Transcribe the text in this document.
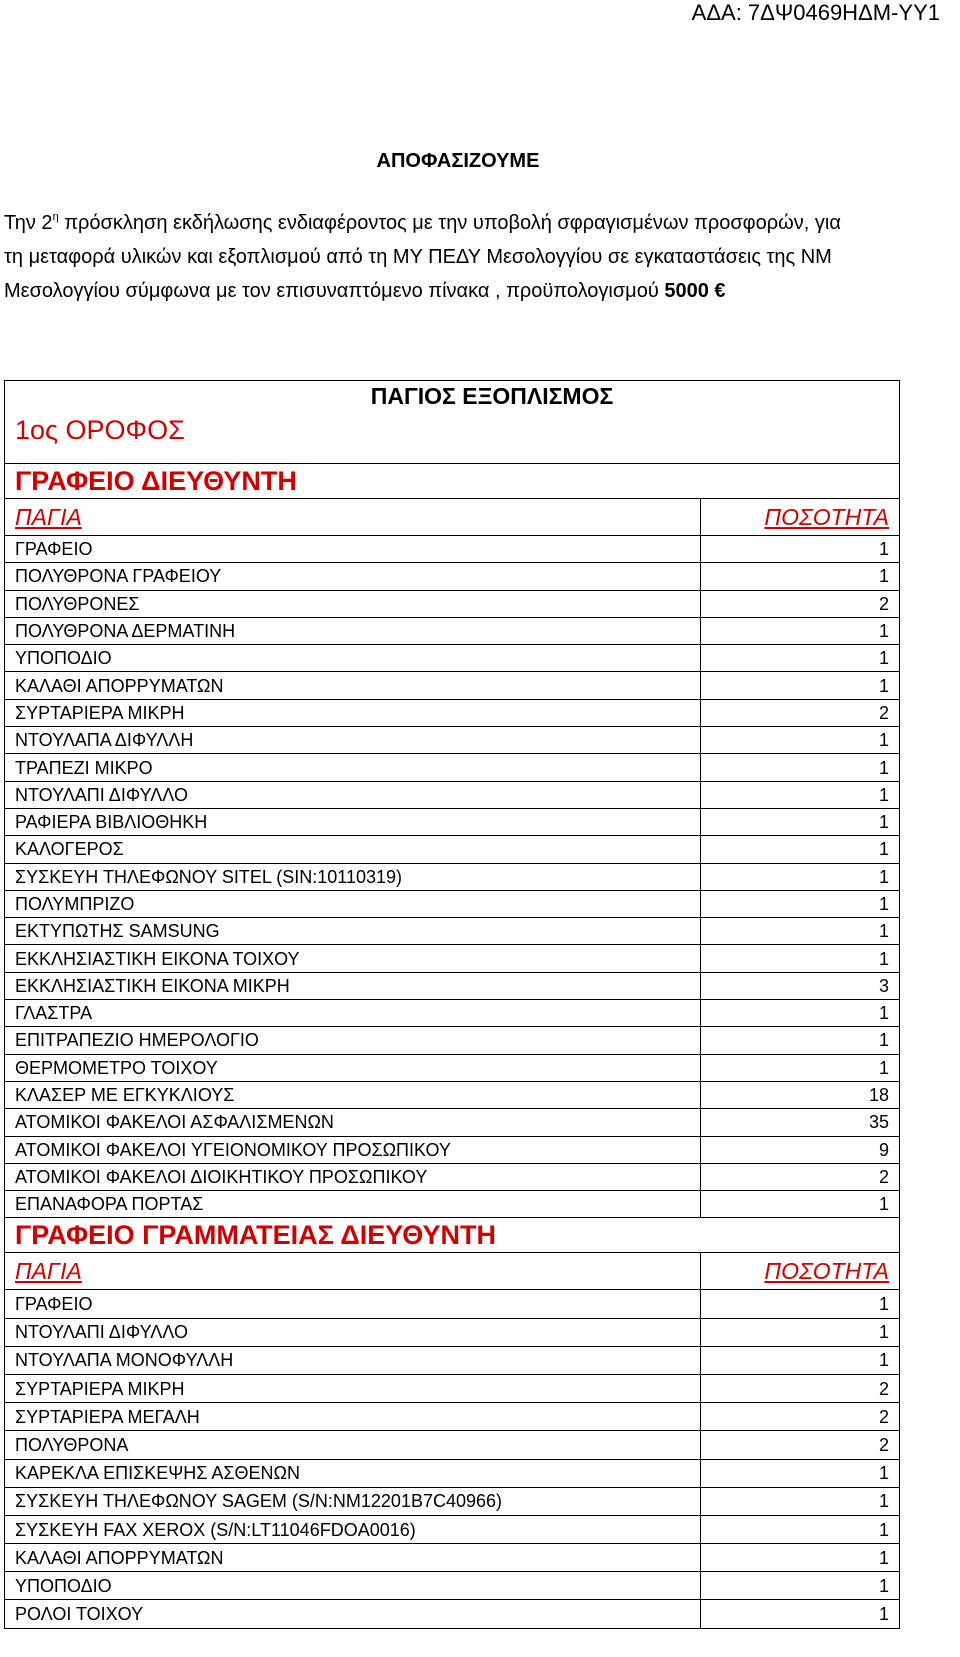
ΑΔΑ: 7ΔΨ0469ΗΔΜ-ΥΥ1
ΑΠΟΦΑΣΙΖΟΥΜΕ

Την $2^\eta$ πρόσκληση εκδήλωσης ενδιαφέροντος με την υποβολή σφραγισμένων προσφορών, για

τη μεταφορά υλικών και εξοπλισμού από τη ΜΥ ΠΕΔΥ Μεσολογγίου σε εγκαταστάσεις της ΝΜ

Μεσολογγίου σύμφωνα με τον επισυναπτόμενο πίνακα , προϋπολογισμού 5000 €

ΠΑΓΙΟΣ ΕΞΟΠΛΙΣΜΟΣ
1ος ΟΡΟΦΟΣ	

ΓΡΑΦΕΙΟ ΔΙΕΥΘΥΝΤΗ	
ΠΑΓΙΑ	ΠΟΣΟΤΗΤΑ
ΓΡΑΦΕΙΟ	1
ΠΟΛΥΘΡΟΝΑ ΓΡΑΦΕΙΟΥ	1
ΠΟΛΥΘΡΟΝΕΣ	2
ΠΟΛΥΘΡΟΝΑ ΔΕΡΜΑΤΙΝΗ	1
ΥΠΟΠΟΔΙΟ	1
ΚΑΛΑΘΙ ΑΠΟΡΡΥΜΑΤΩΝ	1
ΣΥΡΤΑΡΙΕΡΑ ΜΙΚΡΗ	2
ΝΤΟΥΛΑΠΑ ΔΙΦΥΛΛΗ	1
ΤΡΑΠΕΖΙ ΜΙΚΡΟ	1
ΝΤΟΥΛΑΠΙ ΔΙΦΥΛΛΟ	1
ΡΑΦΙΕΡΑ ΒΙΒΛΙΟΘΗΚΗ	1
ΚΑΛΟΓΕΡΟΣ	1
ΣΥΣΚΕΥΗ ΤΗΛΕΦΩΝΟΥ SITEL (SIN:10110319)	1
ΠΟΛΥΜΠΡΙΖΟ	1
ΕΚΤΥΠΩΤΗΣ SAMSUNG	1
ΕΚΚΛΗΣΙΑΣΤΙΚΗ ΕΙΚΟΝΑ ΤΟΙΧΟΥ	1
ΕΚΚΛΗΣΙΑΣΤΙΚΗ ΕΙΚΟΝΑ ΜΙΚΡΗ	3
ΓΛΑΣΤΡΑ	1
ΕΠΙΤΡΑΠΕΖΙΟ ΗΜΕΡΟΛΟΓΙΟ	1
ΘΕΡΜΟΜΕΤΡΟ ΤΟΙΧΟΥ	1
ΚΛΑΣΕΡ ΜΕ ΕΓΚΥΚΛΙΟΥΣ	18
ΑΤΟΜΙΚΟΙ ΦΑΚΕΛΟΙ ΑΣΦΑΛΙΣΜΕΝΩΝ	35
ΑΤΟΜΙΚΟΙ ΦΑΚΕΛΟΙ ΥΓΕΙΟΝΟΜΙΚΟΥ ΠΡΟΣΩΠΙΚΟΥ	9
ΑΤΟΜΙΚΟΙ ΦΑΚΕΛΟΙ ΔΙΟΙΚΗΤΙΚΟΥ ΠΡΟΣΩΠΙΚΟΥ	2
ΕΠΑΝΑΦΟΡΑ ΠΟΡΤΑΣ	1
ΓΡΑΦΕΙΟ ΓΡΑΜΜΑΤΕΙΑΣ ΔΙΕΥΘΥΝΤΗ	
ΠΑΓΙΑ	ΠΟΣΟΤΗΤΑ
ΓΡΑΦΕΙΟ	1
ΝΤΟΥΛΑΠΙ ΔΙΦΥΛΛΟ	1
ΝΤΟΥΛΑΠΑ ΜΟΝΟΦΥΛΛΗ	1
ΣΥΡΤΑΡΙΕΡΑ ΜΙΚΡΗ	2
ΣΥΡΤΑΡΙΕΡΑ ΜΕΓΑΛΗ	2
ΠΟΛΥΘΡΟΝΑ	2
ΚΑΡΕΚΛΑ ΕΠΙΣΚΕΨΗΣ ΑΣΘΕΝΩΝ	1
ΣΥΣΚΕΥΗ ΤΗΛΕΦΩΝΟΥ SAGEM (S/N:NM12201B7C40966)	1
ΣΥΣΚΕΥΗ FAX XEROX (S/N:LT11046FDOA0016)	1
ΚΑΛΑΘΙ ΑΠΟΡΡΥΜΑΤΩΝ	1
ΥΠΟΠΟΔΙΟ	1
ΡΟΛΟΙ ΤΟΙΧΟΥ	1
